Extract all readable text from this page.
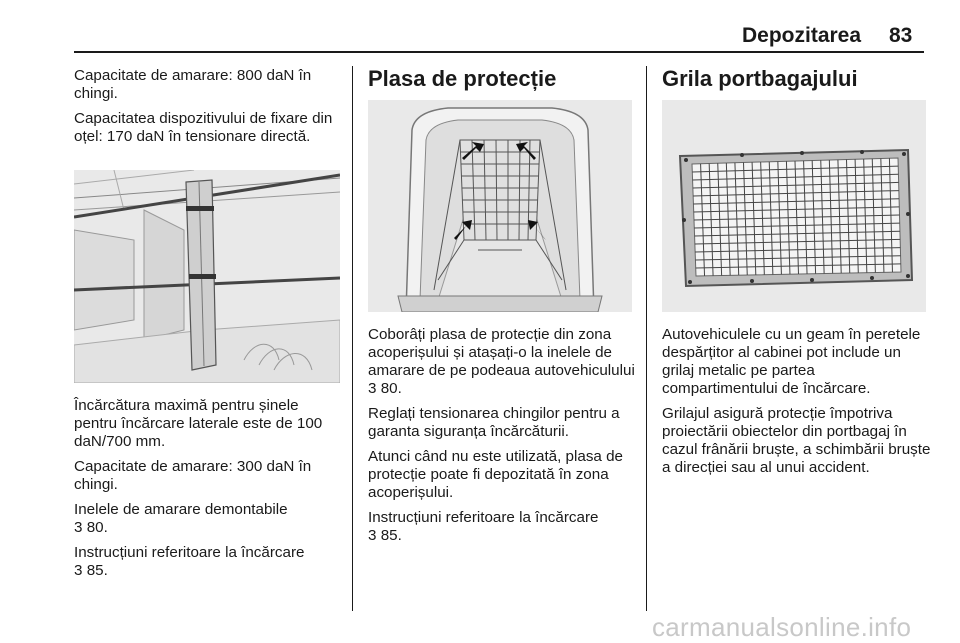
Depozitarea 83

Capacitate de amarare: 800 daN în chingi.

Capacitatea dispozitivului de fixare din oțel: 170 daN în tensionare directă.

Încărcătura maximă pentru șinele pentru încărcare laterale este de 100 daN/700 mm.

Capacitate de amarare: 300 daN în chingi.

Inelele de amarare demontabile
3 80.

Instrucțiuni referitoare la încărcare
3 85.

Plasa de protecție

Coborâți plasa de protecție din zona acoperișului și atașați-o la inelele de amarare de pe podeaua autovehiculului 3 80.

Reglați tensionarea chingilor pentru a garanta siguranța încărcăturii.

Atunci când nu este utilizată, plasa de protecție poate fi depozitată în zona acoperișului.

Instrucțiuni referitoare la încărcare
3 85.

Grila portbagajului

Autovehiculele cu un geam în peretele despărțitor al cabinei pot include un grilaj metalic pe partea compartimentului de încărcare.

Grilajul asigură protecție împotriva proiectării obiectelor din portbagaj în cazul frânării bruște, a schimbării bruște a direcției sau al unui accident.

carmanualsonline.info
